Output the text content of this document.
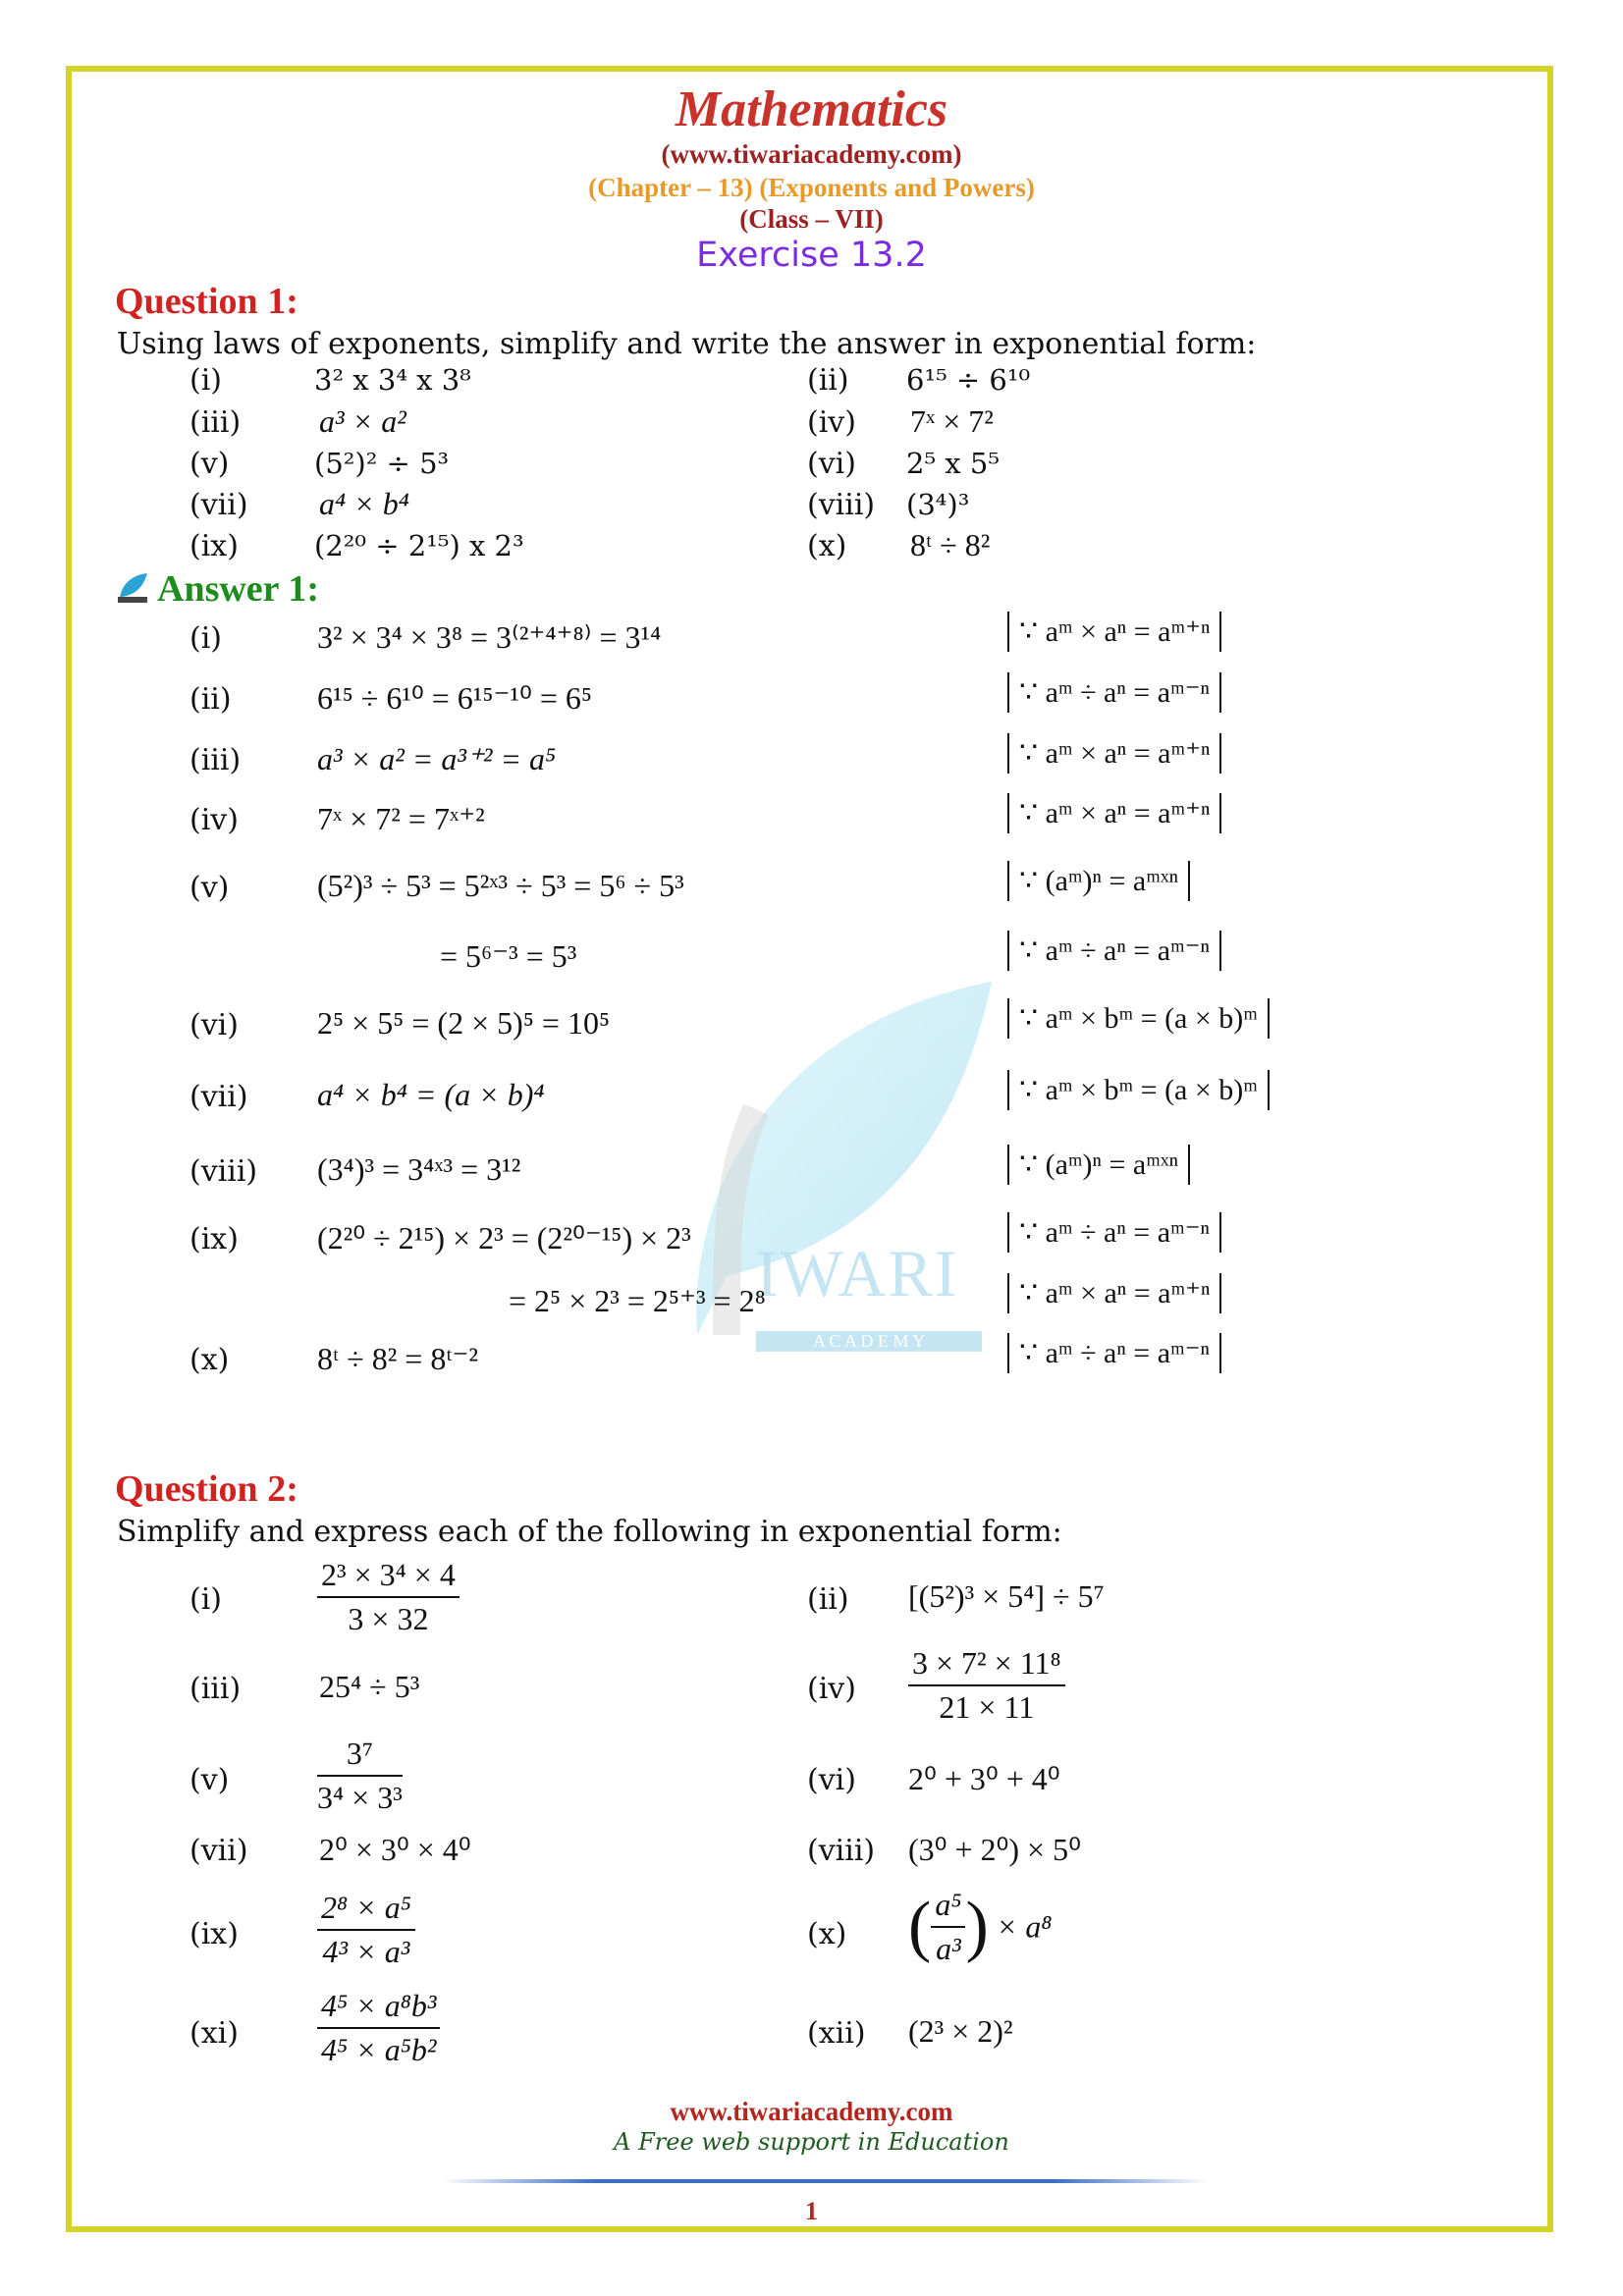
Mathematics
(www.tiwariacademy.com)
(Chapter – 13) (Exponents and Powers)
(Class – VII)
Exercise 13.2
IWARI
A C A D E M Y
Question 1:
Using laws of exponents, simplify and write the answer in exponential form:
(i)	3² x 3⁴ x 3⁸	(ii) 6¹⁵ ÷ 6¹⁰
(iii) a³ × a²	(iv) 7ˣ × 7²
(v)	(5²)² ÷ 5³	(vi) 2⁵ x 5⁵
(vii) a⁴ × b⁴	(viii) (3⁴)³
(ix)	(2²⁰ ÷ 2¹⁵) x 2³	(x) 8ᵗ ÷ 8²
Answer 1:
(i)	3² × 3⁴ × 3⁸ = 3⁽²⁺⁴⁺⁸⁾ = 3¹⁴	∵ aᵐ × aⁿ = aᵐ⁺ⁿ
(ii)	6¹⁵ ÷ 6¹⁰ = 6¹⁵⁻¹⁰ = 6⁵	∵ aᵐ ÷ aⁿ = aᵐ⁻ⁿ
(iii) a³ × a² = a³⁺² = a⁵	∵ aᵐ × aⁿ = aᵐ⁺ⁿ
(iv)	7ˣ × 7² = 7ˣ⁺²	∵ aᵐ × aⁿ = aᵐ⁺ⁿ
(v)	(5²)³ ÷ 5³ = 5²ˣ³ ÷ 5³ = 5⁶ ÷ 5³	∵ (aᵐ)ⁿ = aᵐˣⁿ
= 5⁶⁻³ = 5³	∵ aᵐ ÷ aⁿ = aᵐ⁻ⁿ
(vi)	2⁵ × 5⁵ = (2 × 5)⁵ = 10⁵	∵ aᵐ × bᵐ = (a × b)ᵐ
(vii) a⁴ × b⁴ = (a × b)⁴	∵ aᵐ × bᵐ = (a × b)ᵐ
(viii) (3⁴)³ = 3⁴ˣ³ = 3¹²	∵ (aᵐ)ⁿ = aᵐˣⁿ
(ix)	(2²⁰ ÷ 2¹⁵) × 2³ = (2²⁰⁻¹⁵) × 2³	∵ aᵐ ÷ aⁿ = aᵐ⁻ⁿ
= 2⁵ × 2³ = 2⁵⁺³ = 2⁸	∵ aᵐ × aⁿ = aᵐ⁺ⁿ
(x)	8ᵗ ÷ 8² = 8ᵗ⁻²	∵ aᵐ ÷ aⁿ = aᵐ⁻ⁿ
Question 2:
Simplify and express each of the following in exponential form:
(i)	$\frac{\text{2³ × 3⁴ × 4}}{3 \times 32}$	(ii) [(5²)³ × 5⁴] ÷ 5⁷
(iii) 25⁴ ÷ 5³	$(iv) \frac{\text{3 × 7² × 11⁸}}{21 \times 11}$
(v)	$\frac{\text{3⁷}}{\text{3⁴ × 3³}}$	(vi) 2⁰ + 3⁰ + 4⁰
(vii) 2⁰ × 3⁰ × 4⁰	(viii) (3⁰ + 2⁰) × 5⁰
(ix)	$\frac{\text{2⁸ × a⁵}}{\text{4³ × a³}}$	(x) ( $\frac{\text{a⁵}}{\text{a³}}$ ) × a⁸
(xi)	$\frac{\text{4⁵ × a⁸b³}}{\text{4⁵ × a⁵b²}}$	(xii) (2³ × 2)²
www.tiwariacademy.com
A Free web support in Education
1
